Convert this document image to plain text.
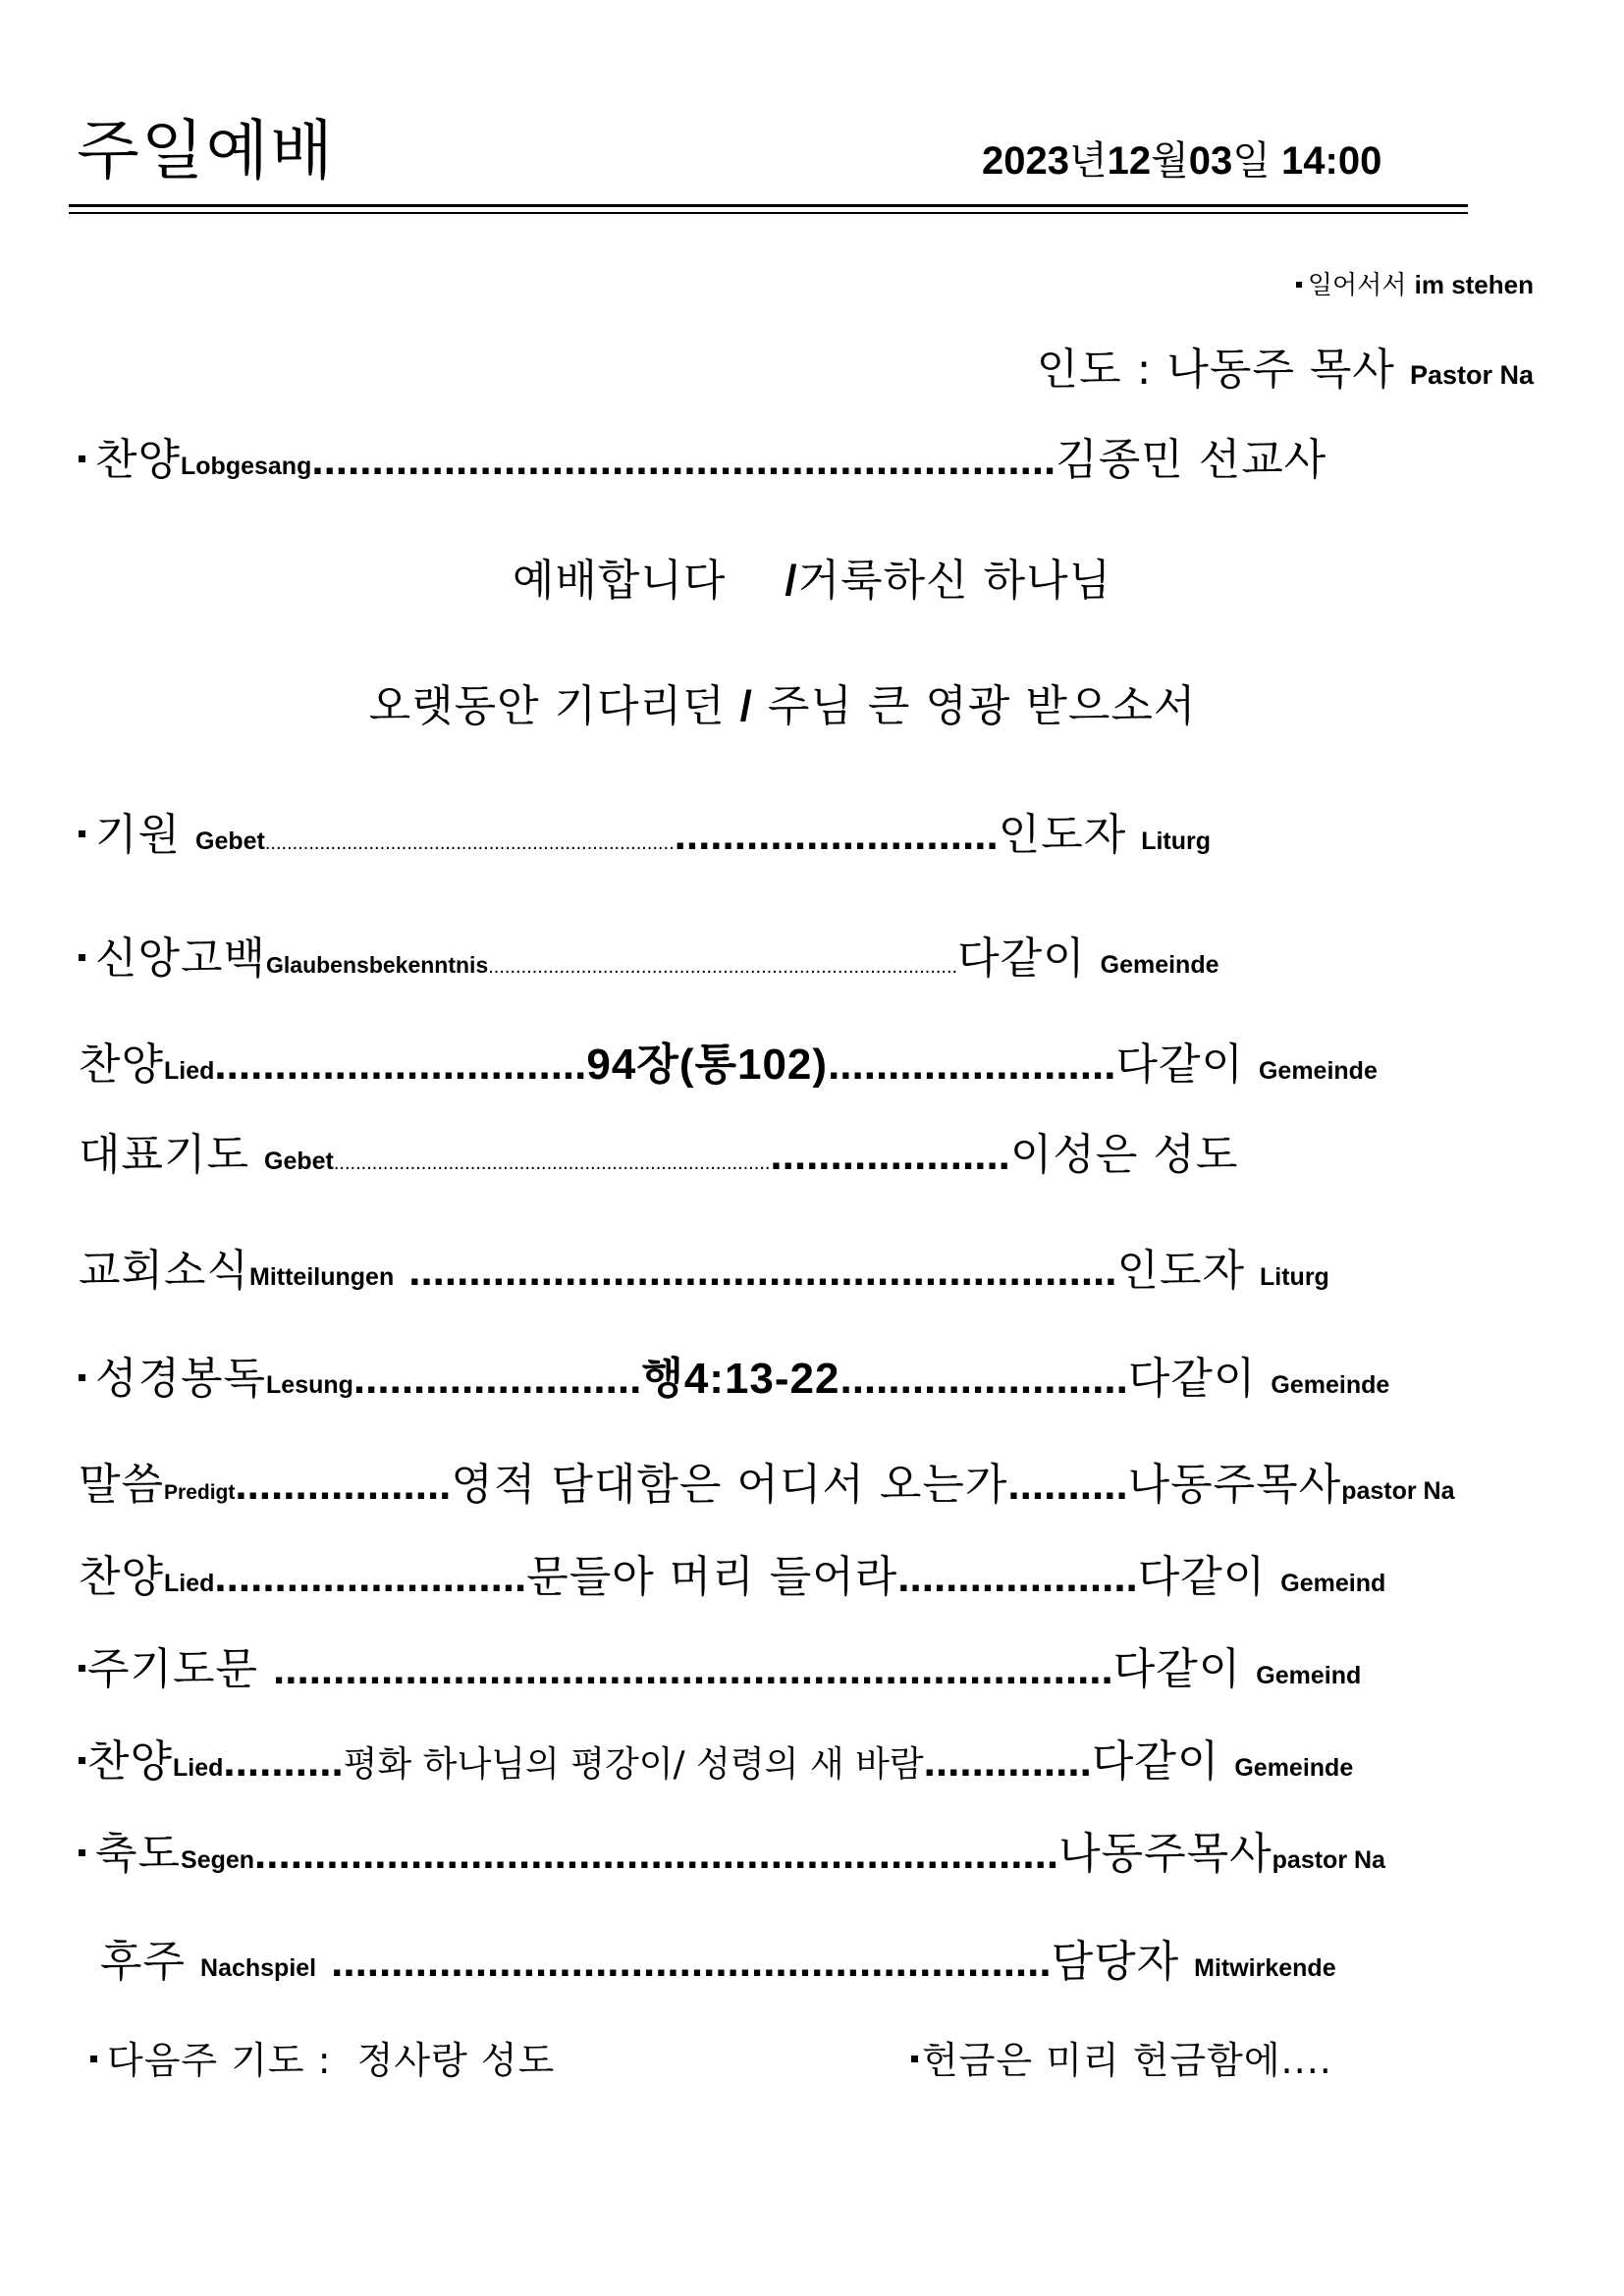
주일예배	2023년12월03일 14:00
일어서서 im stehen
인도 : 나동주 목사 Pastor Na
찬양Lobgesang..............................................................김종민 선교사
예배합니다 /거룩하신 하나님
오랫동안 기다리던 / 주님 큰 영광 받으소서
기원 Gebet......................................................................................................인도자 Liturg
신앙고백Glaubensbekenntnis......................................................................................다같이 Gemeinde
찬양Lied...............................94장(통102)........................다같이 Gemeinde
대표기도 Gebet....................................................................................................이성은 성도
교회소식Mitteilungen ...........................................................인도자 Liturg
성경봉독Lesung........................행4:13-22........................다같이 Gemeinde
말씀Predigt..................영적 담대함은 어디서 오는가..........나동주목사pastor Na
찬양Lied..........................문들아 머리 들어라....................다같이 Gemeind
주기도문 ......................................................................다같이 Gemeind
찬양Lied..........평화 하나님의 평강이/ 성령의 새 바람..............다같이 Gemeinde
축도Segen...................................................................나동주목사pastor Na
후주 Nachspiel ............................................................담당자 Mitwirkende
다음주 기도 : 정사랑 성도	헌금은 미리 헌금함에....
